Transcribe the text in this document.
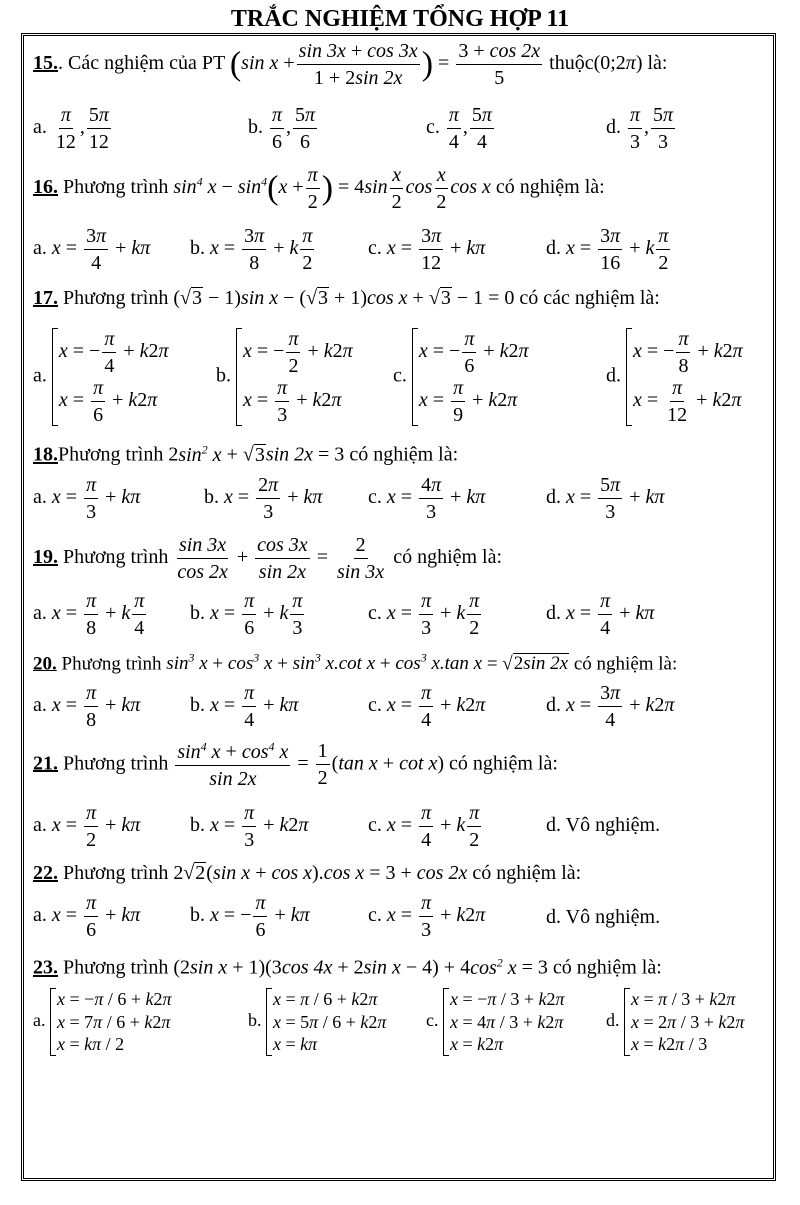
TRẮC NGHIỆM TỔNG HỢP 11
15.. Các nghiệm của PT (sin $x + \frac{\sin 3x + \cos 3x}{1 + 2\sin 2x}$ ) = $\frac{3 + \cos 2x}{5}$ thuộc(0;2π) là:
a. $\frac{\pi}{12}$ , $\frac{5\pi}{12}$	b. $\frac{\pi}{6}$ , $\frac{5\pi}{6}$	c. $\frac{\pi}{4}$ , $\frac{5\pi}{4}$	d. $\frac{\pi}{3}$ , $\frac{5\pi}{3}$
16. Phương trình $\sin^4 x - \sin^4(x + \frac{\pi}{2}$ ) = $4\sin \frac{x}{2}$ $\cos \frac{x}{2}$ cos x có nghiệm là:
a. $x = \frac{3\pi}{4} + k\pi$ b. $x = \frac{3\pi}{8} + k \frac{\pi}{2}$	c. $x = \frac{3\pi}{12} + k\pi$	d. $x = \frac{3\pi}{16} + k \frac{\pi}{2}$
17. Phương trình (√3 − 1)sin x − (√3 + 1)cos x + √3 − 1 = 0 có các nghiệm là:
a.
x = − $\frac{\pi}{4} + k2\pi$
$x = \frac{\pi}{6} + k2\pi$
b.
x = − $\frac{\pi}{2} + k2\pi$
$x = \frac{\pi}{3} + k2\pi$
c.
x = − $\frac{\pi}{6} + k2\pi$
$x = \frac{\pi}{9} + k2\pi$
d.
x = − $\frac{\pi}{8} + k2\pi$
$x = \frac{\pi}{12} + k2\pi$
18.Phương trình $2\sin^2$ x + √3sin 2x = 3 có nghiệm là:
a. $x = \frac{\pi}{3} + k\pi$	b. $x = \frac{2\pi}{3} + k\pi$ c. $x = \frac{4\pi}{3} + k\pi$	d. $x = \frac{5\pi}{3} + k\pi$
19. Phương trình $\frac{\sin 3x}{\cos 2x} + \frac{\cos 3x}{\sin 2x} = \frac{2}{\sin 3x}$ có nghiệm là:
a. $x = \frac{\pi}{8} + k \frac{\pi}{4} b$. $x = \frac{\pi}{6} + k \frac{\pi}{3}$	c. $x = \frac{\pi}{3} + k \frac{\pi}{2}$	d. $x = \frac{\pi}{4} + k\pi$
20. Phương trình $\sin^3 x + \cos^3 x + \sin^3 x.\cot$ $x + \cos^3 x.\tan$ x = √2sin 2x có nghiệm là:
a. $x = \frac{\pi}{8} + k\pi$ b. $x = \frac{\pi}{4} + k\pi$	c. $x = \frac{\pi}{4} + k2\pi$	d. $x = \frac{3\pi}{4} + k2\pi$
21. Phương trình $\frac{\sin^4 x + \cos^4 x}{\sin 2x} = \frac{1}{2} (\tan$ x + cot x) có nghiệm là:
a. $x = \frac{\pi}{2} + k\pi$ b. $x = \frac{\pi}{3} + k2\pi$	c. $x = \frac{\pi}{4} + k \frac{\pi}{2}$	d. Vô nghiệm.
22. Phương trình 2√2(sin x + cos x).cos x = 3 + cos 2x có nghiệm là:
a. $x = \frac{\pi}{6} + k\pi$ b. x = − $\frac{\pi}{6} + k\pi$	c. $x = \frac{\pi}{3} + k2\pi$	d. Vô nghiệm.
23. Phương trình (2sin x + 1)(3cos 4x + 2sin $x - 4) + 4\cos^2$ x = 3 có nghiệm là:
a.
x = −π / 6 + k2π
x = 7π / 6 + k2π
x = kπ / 2
b.
x = π / 6 + k2π
x = 5π / 6 + k2π
x = kπ
c.
x = −π / 3 + k2π
x = 4π / 3 + k2π
x = k2π
d.
x = π / 3 + k2π
x = 2π / 3 + k2π
x = k2π / 3
